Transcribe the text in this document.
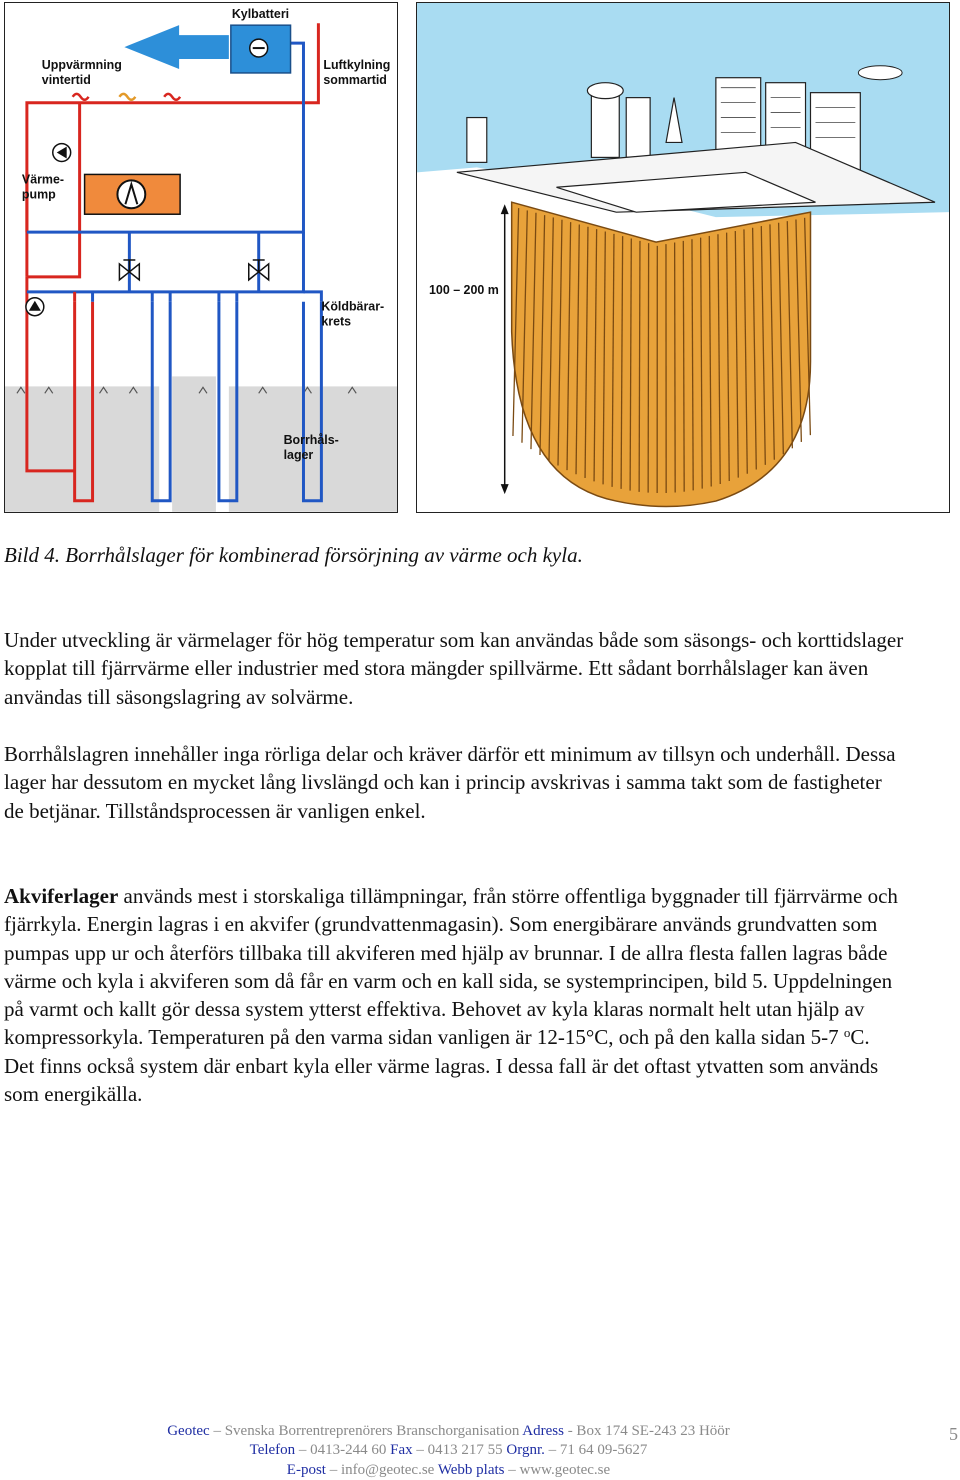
Kylbatteri
Uppvärmning
vintertid
Luftkylning
sommartid
Värme-
pump
Köldbärar-
krets
Borrhåls-
lager
100 – 200 m

Bild 4. Borrhålslager för kombinerad försörjning av värme och kyla.

Under utveckling är värmelager för hög temperatur som kan användas både som säsongs- och korttidslager kopplat till fjärrvärme eller industrier med stora mängder spillvärme. Ett sådant borrhålslager kan även användas till säsongslagring av solvärme.

Borrhålslagren innehåller inga rörliga delar och kräver därför ett minimum av tillsyn och underhåll. Dessa lager har dessutom en mycket lång livslängd och kan i princip avskrivas i samma takt som de fastigheter de betjänar. Tillståndsprocessen är vanligen enkel.

Akviferlager används mest i storskaliga tillämpningar, från större offentliga byggnader till fjärrvärme och fjärrkyla. Energin lagras i en akvifer (grundvattenmagasin). Som energibärare används grundvatten som pumpas upp ur och återförs tillbaka till akviferen med hjälp av brunnar. I de allra flesta fallen lagras både värme och kyla i akviferen som då får en varm och en kall sida, se systemprincipen, bild 5. Uppdelningen på varmt och kallt gör dessa system ytterst effektiva. Behovet av kyla klaras normalt helt utan hjälp av kompressorkyla. Temperaturen på den varma sidan vanligen är 12-15°C, och på den kalla sidan 5-7 $^o$C. Det finns också system där enbart kyla eller värme lagras. I dessa fall är det oftast ytvatten som används som energikälla.

Geotec – Svenska Borrentreprenörers Branschorganisation Adress - Box 174 SE-243 23 Höör
Telefon – 0413-244 60 Fax – 0413 217 55 Orgnr. – 71 64 09-5627
E-post – info@geotec.se Webb plats – www.geotec.se
5
